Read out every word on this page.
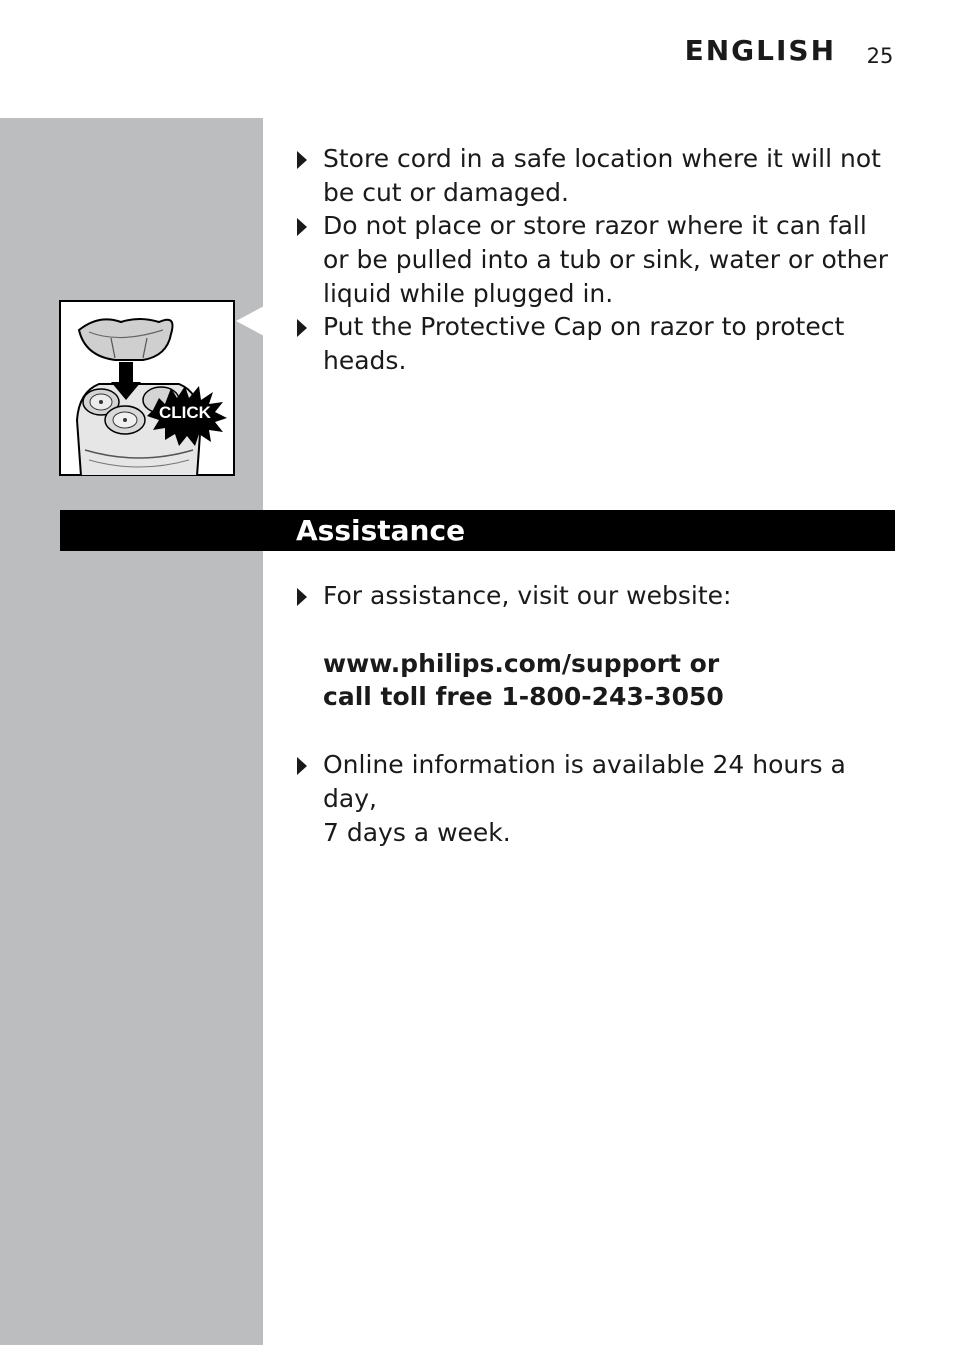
ENGLISH 25
Store cord in a safe location where it will not
be cut or damaged.
Do not place or store razor where it can fall
or be pulled into a tub or sink, water or other
liquid while plugged in.
Put the Protective Cap on razor to protect
heads.
CLICK
Assistance
For assistance, visit our website:
www.philips.com/support or
call toll free 1-800-243-3050
Online information is available 24 hours a day,
7 days a week.
